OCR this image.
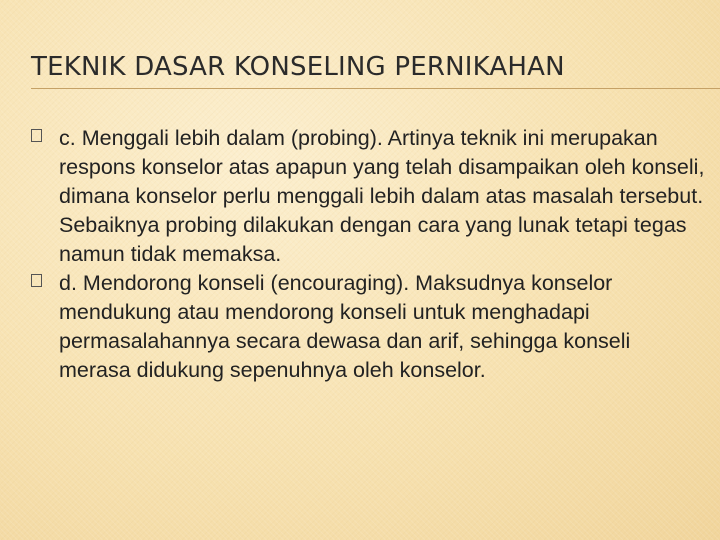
TEKNIK DASAR KONSELING PERNIKAHAN
c. Menggali lebih dalam (probing). Artinya teknik ini merupakan respons konselor atas apapun yang telah disampaikan oleh konseli, dimana konselor perlu menggali lebih dalam atas masalah tersebut. Sebaiknya probing dilakukan dengan cara yang lunak tetapi tegas namun tidak memaksa.
d. Mendorong konseli (encouraging). Maksudnya konselor mendukung atau mendorong konseli untuk menghadapi permasalahannya secara dewasa dan arif, sehingga konseli merasa didukung sepenuhnya oleh konselor.
